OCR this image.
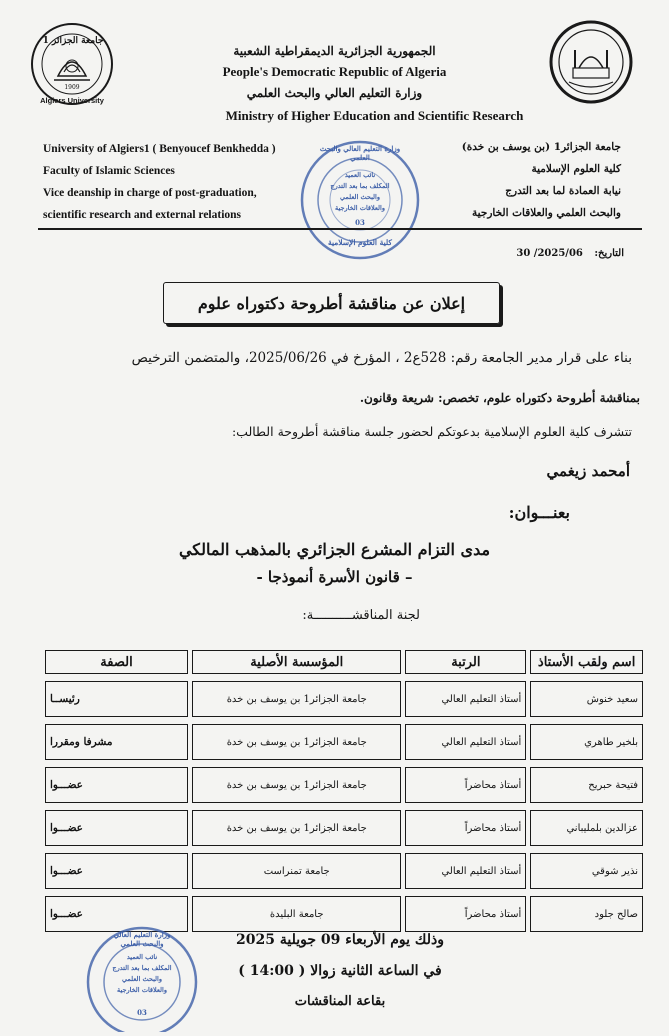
جامعة الجزائر 1
Algiers University
1909
الجمهورية الجزائرية الديمقراطية الشعبية
People's Democratic Republic of Algeria
وزارة التعليم العالي والبحث العلمي
Ministry of Higher Education and Scientific Research
University of Algiers1 ( Benyoucef Benkhedda )
Faculty of Islamic Sciences
Vice deanship in charge of post-graduation,
scientific research and external relations
جامعة الجزائر1 (بن يوسف بن خدة)
كلية العلوم الإسلامية
نيابة العمادة لما بعد التدرج
والبحث العلمي والعلاقات الخارجية
وزارة التعليم العالي والبحث العلمي
نائب العميد
المكلف بما بعد التدرج
والبحث العلمي
والعلاقات الخارجية
03
كلية العلوم الإسلامية
التاريخ: 2025/06/ 30
إعلان عن مناقشة أطروحة دكتوراه علوم
بناء على قرار مدير الجامعة رقم: 528ع2 ، المؤرخ في 2025/06/26، والمتضمن الترخيص
بمناقشة أطروحة دكتوراه علوم، تخصص: شريعة وقانون.
تتشرف كلية العلوم الإسلامية بدعوتكم لحضور جلسة مناقشة أطروحة الطالب:
أمحمد زيغمي
بعنـــوان:
مدى التزام المشرع الجزائري بالمذهب المالكي
– قانون الأسرة أنموذجا -
لجنة المناقشــــــــــة:
اسم ولقب الأستاذ		الرتبة		المؤسسة الأصلية		الصفة
سعيد خنوش		أستاذ التعليم العالي		جامعة الجزائر1 بن يوسف بن خدة		رئيســا
بلخير طاهري		أستاذ التعليم العالي		جامعة الجزائر1 بن يوسف بن خدة		مشرفا ومقررا
فتيحة حبريح		أستاذ محاضراً		جامعة الجزائر1 بن يوسف بن خدة		عضـــوا
عزالدين بلمليباني		أستاذ محاضراً		جامعة الجزائر1 بن يوسف بن خدة		عضـــوا
نذير شوقي		أستاذ التعليم العالي		جامعة تمنراست		عضـــوا
صالح جلود		أستاذ محاضراً		جامعة البليدة		عضـــوا
وزارة التعليم العالي والبحث العلمي
نائب العميد
المكلف بما بعد التدرج
والبحث العلمي
والعلاقات الخارجية
03
وذلك يوم الأربعاء 09 جويلية 2025
في الساعة الثانية زوالا ( 14:00 )
بقاعة المناقشات
